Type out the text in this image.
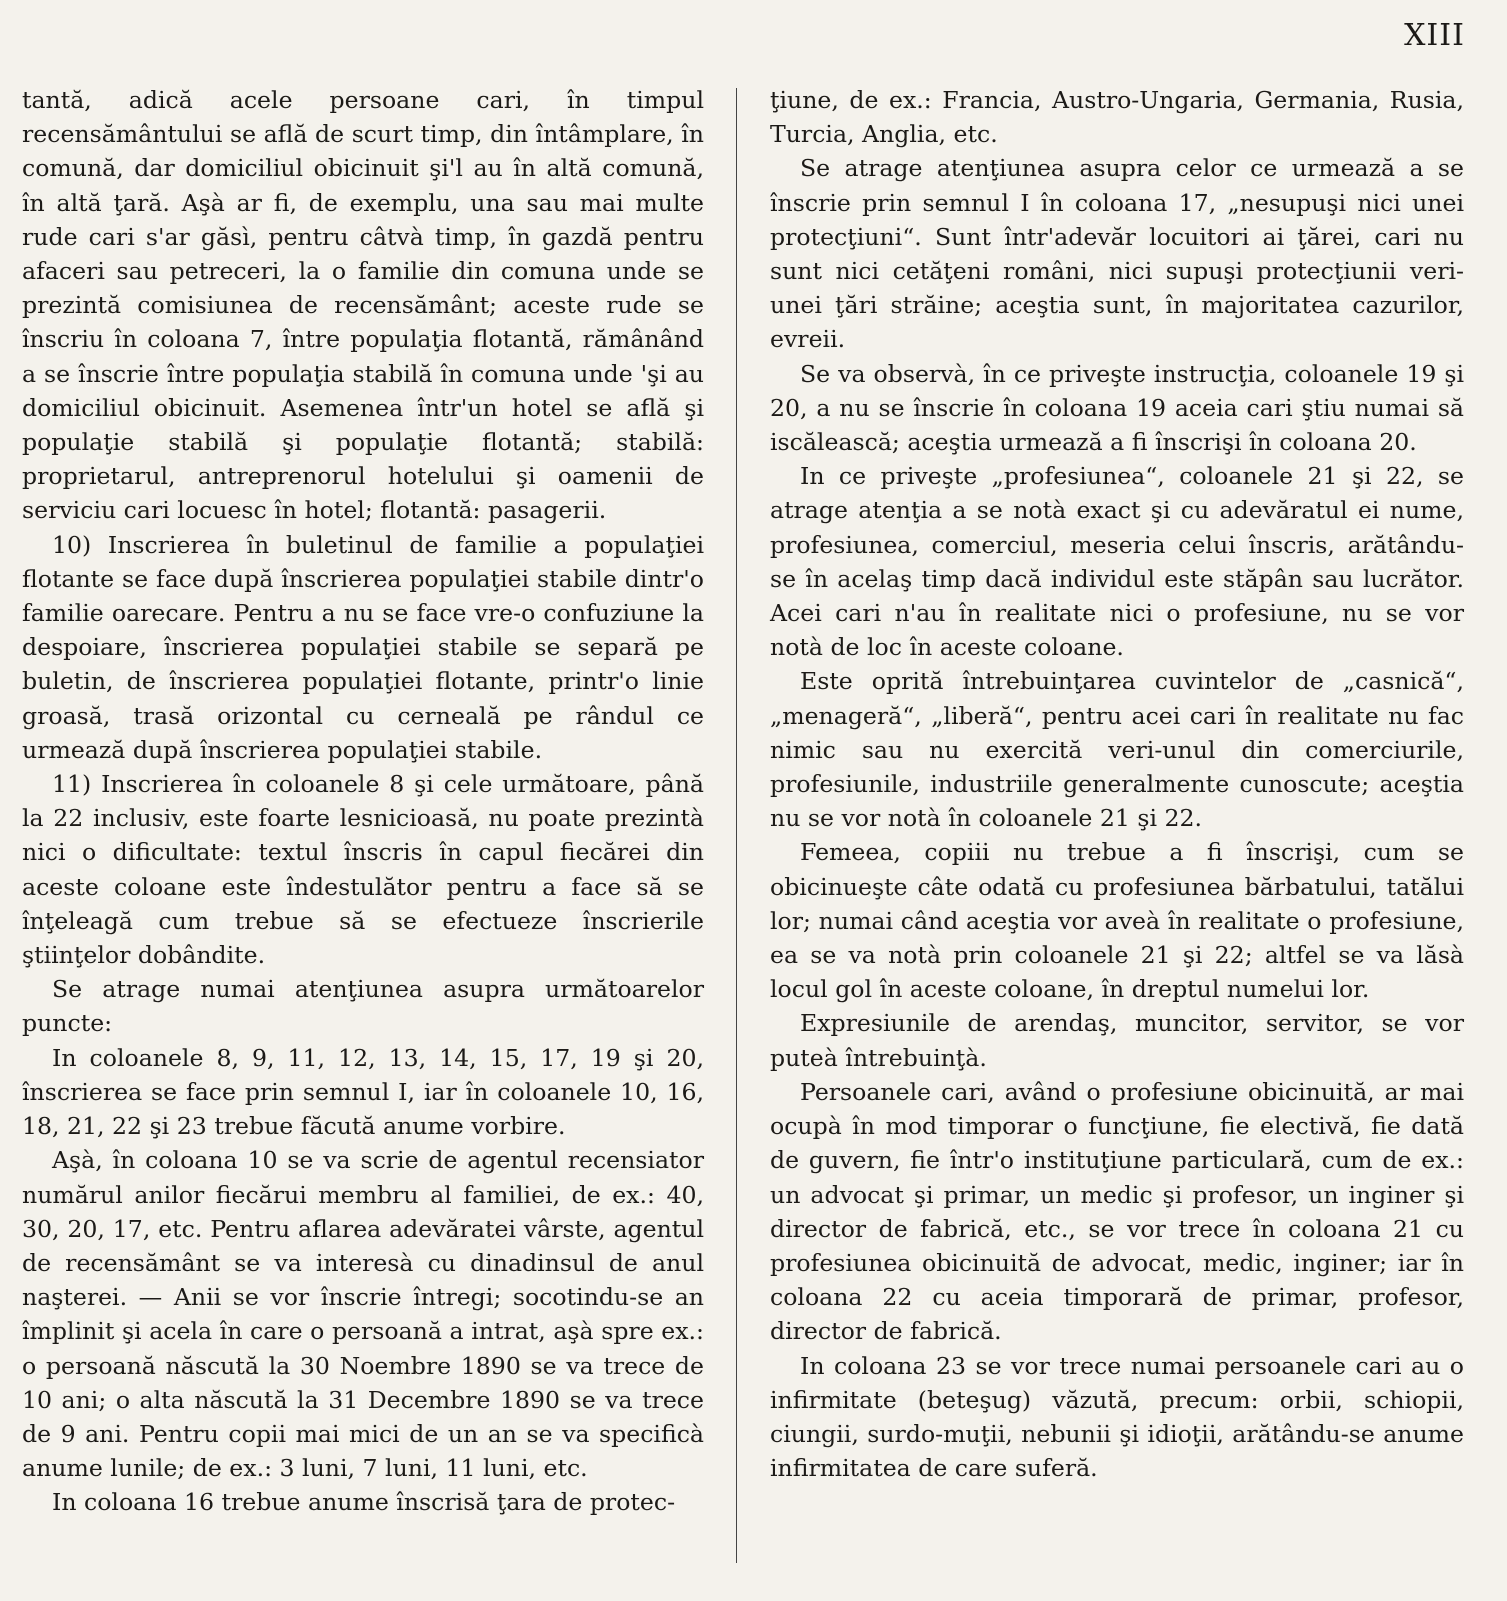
XIII

tantă, adică acele persoane cari, în timpul recensământului se află de scurt timp, din întâmplare, în comună, dar domiciliul obicinuit şi'l au în altă comună, în altă ţară. Aşà ar fi, de exemplu, una sau mai multe rude cari s'ar găsì, pentru câtvà timp, în gazdă pentru afaceri sau petreceri, la o familie din comuna unde se prezintă comisiunea de recensământ; aceste rude se înscriu în coloana 7, între populaţia flotantă, rămânând a se înscrie între populaţia stabilă în comuna unde 'şi au domiciliul obicinuit. Asemenea într'un hotel se află şi populaţie stabilă şi populaţie flotantă; stabilă: proprietarul, antreprenorul hotelului şi oamenii de serviciu cari locuesc în hotel; flotantă: pasagerii.

10) Inscrierea în buletinul de familie a populaţiei flotante se face după înscrierea populaţiei stabile dintr'o familie oarecare. Pentru a nu se face vre-o confuziune la despoiare, înscrierea populaţiei stabile se separă pe buletin, de înscrierea populaţiei flotante, printr'o linie groasă, trasă orizontal cu cerneală pe rândul ce urmează după înscrierea populaţiei stabile.

11) Inscrierea în coloanele 8 şi cele următoare, până la 22 inclusiv, este foarte lesnicioasă, nu poate prezintà nici o dificultate: textul înscris în capul fiecărei din aceste coloane este îndestulător pentru a face să se înţeleagă cum trebue să se efectueze înscrierile ştiinţelor dobândite.

Se atrage numai atenţiunea asupra următoarelor puncte:

In coloanele 8, 9, 11, 12, 13, 14, 15, 17, 19 şi 20, înscrierea se face prin semnul I, iar în coloanele 10, 16, 18, 21, 22 şi 23 trebue făcută anume vorbire.

Aşà, în coloana 10 se va scrie de agentul recensiator numărul anilor fiecărui membru al familiei, de ex.: 40, 30, 20, 17, etc. Pentru aflarea adevăratei vârste, agentul de recensământ se va interesà cu dinadinsul de anul naşterei. — Anii se vor înscrie întregi; socotindu-se an împlinit şi acela în care o persoană a intrat, aşà spre ex.: o persoană născută la 30 Noembre 1890 se va trece de 10 ani; o alta născută la 31 Decembre 1890 se va trece de 9 ani. Pentru copii mai mici de un an se va specificà anume lunile; de ex.: 3 luni, 7 luni, 11 luni, etc.

In coloana 16 trebue anume înscrisă ţara de protec-

ţiune, de ex.: Francia, Austro-Ungaria, Germania, Rusia, Turcia, Anglia, etc.

Se atrage atenţiunea asupra celor ce urmează a se înscrie prin semnul I în coloana 17, „nesupuşi nici unei protecţiuni“. Sunt într'adevăr locuitori ai ţărei, cari nu sunt nici cetăţeni români, nici supuşi protecţiunii veri-unei ţări străine; aceştia sunt, în majoritatea cazurilor, evreii.

Se va observà, în ce priveşte instrucţia, coloanele 19 şi 20, a nu se înscrie în coloana 19 aceia cari ştiu numai să iscălească; aceştia urmează a fi înscrişi în coloana 20.

In ce priveşte „profesiunea“, coloanele 21 şi 22, se atrage atenţia a se notà exact şi cu adevăratul ei nume, profesiunea, comerciul, meseria celui înscris, arătându-se în acelaş timp dacă individul este stăpân sau lucrător. Acei cari n'au în realitate nici o profesiune, nu se vor notà de loc în aceste coloane.

Este oprită întrebuinţarea cuvintelor de „casnică“, „menageră“, „liberă“, pentru acei cari în realitate nu fac nimic sau nu exercită veri-unul din comerciurile, profesiunile, industriile generalmente cunoscute; aceştia nu se vor notà în coloanele 21 şi 22.

Femeea, copiii nu trebue a fi înscrişi, cum se obicinueşte câte odată cu profesiunea bărbatului, tatălui lor; numai când aceştia vor aveà în realitate o profesiune, ea se va notà prin coloanele 21 şi 22; altfel se va lăsà locul gol în aceste coloane, în dreptul numelui lor.

Expresiunile de arendaş, muncitor, servitor, se vor puteà întrebuinţà.

Persoanele cari, având o profesiune obicinuită, ar mai ocupà în mod timporar o funcţiune, fie electivă, fie dată de guvern, fie într'o instituţiune particulară, cum de ex.: un advocat şi primar, un medic şi profesor, un inginer şi director de fabrică, etc., se vor trece în coloana 21 cu profesiunea obicinuită de advocat, medic, inginer; iar în coloana 22 cu aceia timporară de primar, profesor, director de fabrică.

In coloana 23 se vor trece numai persoanele cari au o infirmitate (beteşug) văzută, precum: orbii, schiopii, ciungii, surdo-muţii, nebunii şi idioţii, arătându-se anume infirmitatea de care suferă.
